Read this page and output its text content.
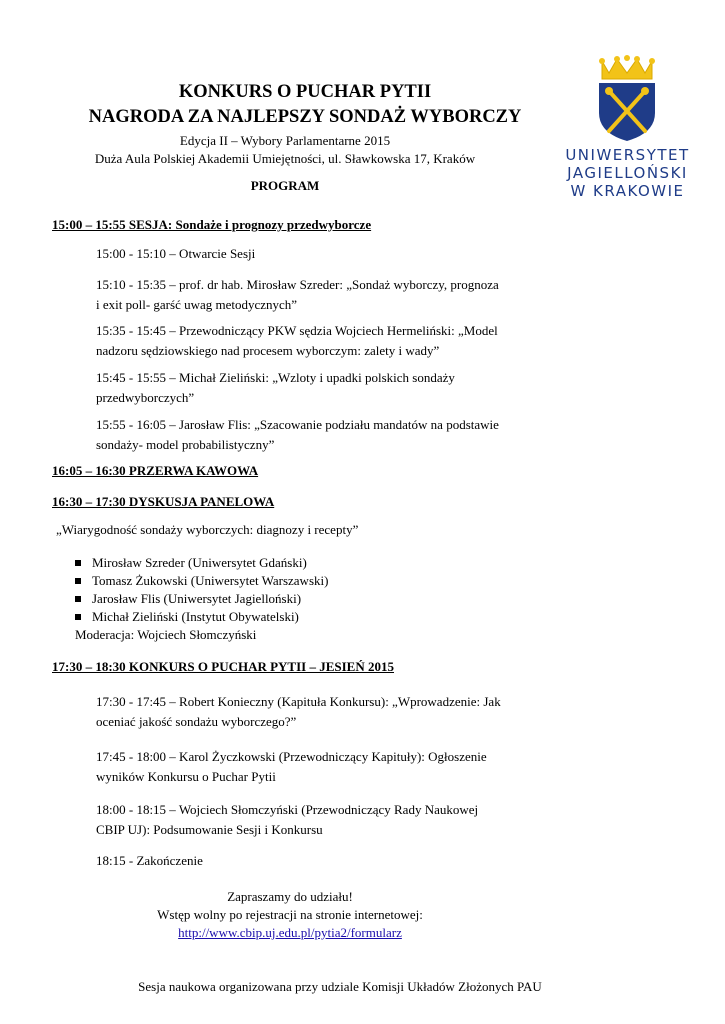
KONKURS O PUCHAR PYTII
NAGRODA ZA NAJLEPSZY SONDAŻ WYBORCZY
Edycja II – Wybory Parlamentarne 2015
Duża Aula Polskiej Akademii Umiejętności, ul. Sławkowska 17, Kraków
PROGRAM
UNIWERSYTET
JAGIELLOŃSKI
W KRAKOWIE
15:00 – 15:55 SESJA: Sondaże i prognozy przedwyborcze
15:00 - 15:10 – Otwarcie Sesji
15:10 - 15:35 – prof. dr hab. Mirosław Szreder: „Sondaż wyborczy, prognoza
i exit poll- garść uwag metodycznych”
15:35 - 15:45 – Przewodniczący PKW sędzia Wojciech Hermeliński: „Model
nadzoru sędziowskiego nad procesem wyborczym: zalety i wady”
15:45 - 15:55 – Michał Zieliński: „Wzloty i upadki polskich sondaży
przedwyborczych”
15:55 - 16:05 – Jarosław Flis: „Szacowanie podziału mandatów na podstawie
sondaży- model probabilistyczny”
16:05 – 16:30 PRZERWA KAWOWA
16:30 – 17:30 DYSKUSJA PANELOWA
„Wiarygodność sondaży wyborczych: diagnozy i recepty”
Mirosław Szreder (Uniwersytet Gdański)
Tomasz Żukowski (Uniwersytet Warszawski)
Jarosław Flis (Uniwersytet Jagielloński)
Michał Zieliński (Instytut Obywatelski)
Moderacja: Wojciech Słomczyński
17:30 – 18:30 KONKURS O PUCHAR PYTII – JESIEŃ 2015
17:30 - 17:45 – Robert Konieczny (Kapituła Konkursu): „Wprowadzenie: Jak
oceniać jakość sondażu wyborczego?”
17:45 - 18:00 – Karol Życzkowski (Przewodniczący Kapituły): Ogłoszenie
wyników Konkursu o Puchar Pytii
18:00 - 18:15 – Wojciech Słomczyński (Przewodniczący Rady Naukowej
CBIP UJ): Podsumowanie Sesji i Konkursu
18:15 - Zakończenie
Zapraszamy do udziału!
Wstęp wolny po rejestracji na stronie internetowej:
http://www.cbip.uj.edu.pl/pytia2/formularz
Sesja naukowa organizowana przy udziale Komisji Układów Złożonych PAU
